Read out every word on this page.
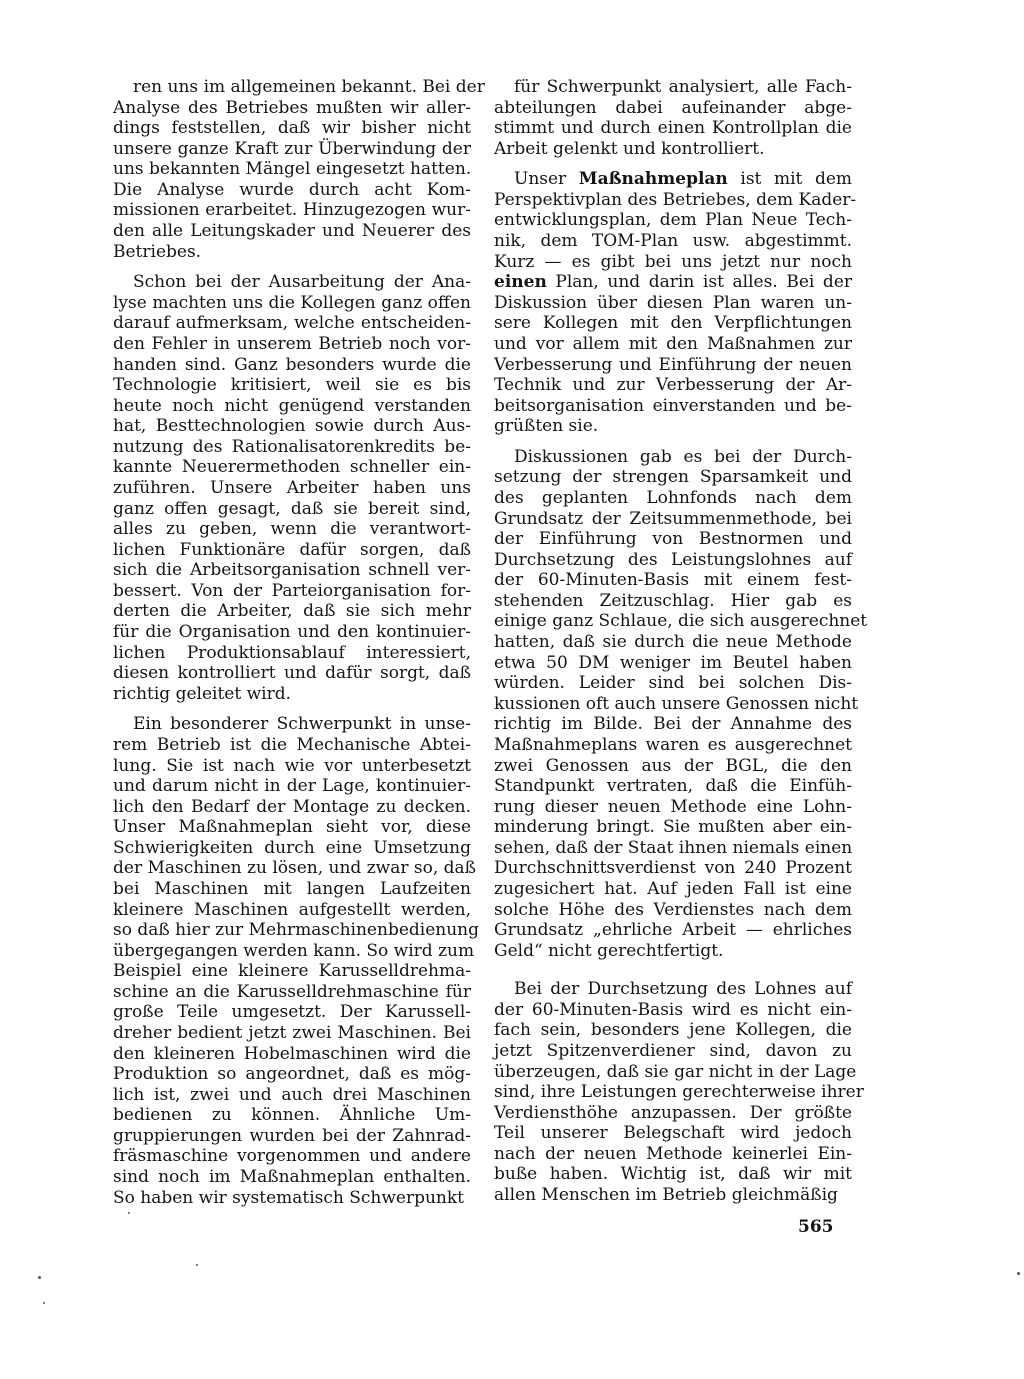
ren uns im allgemeinen bekannt. Bei der
Analyse des Betriebes mußten wir aller-
dings feststellen, daß wir bisher nicht
unsere ganze Kraft zur Überwindung der
uns bekannten Mängel eingesetzt hatten.
Die Analyse wurde durch acht Kom-
missionen erarbeitet. Hinzugezogen wur-
den alle Leitungskader und Neuerer des
Betriebes.
Schon bei der Ausarbeitung der Ana-
lyse machten uns die Kollegen ganz offen
darauf aufmerksam, welche entscheiden-
den Fehler in unserem Betrieb noch vor-
handen sind. Ganz besonders wurde die
Technologie kritisiert, weil sie es bis
heute noch nicht genügend verstanden
hat, Besttechnologien sowie durch Aus-
nutzung des Rationalisatorenkredits be-
kannte Neuerermethoden schneller ein-
zuführen. Unsere Arbeiter haben uns
ganz offen gesagt, daß sie bereit sind,
alles zu geben, wenn die verantwort-
lichen Funktionäre dafür sorgen, daß
sich die Arbeitsorganisation schnell ver-
bessert. Von der Parteiorganisation for-
derten die Arbeiter, daß sie sich mehr
für die Organisation und den kontinuier-
lichen Produktionsablauf interessiert,
diesen kontrolliert und dafür sorgt, daß
richtig geleitet wird.
Ein besonderer Schwerpunkt in unse-
rem Betrieb ist die Mechanische Abtei-
lung. Sie ist nach wie vor unterbesetzt
und darum nicht in der Lage, kontinuier-
lich den Bedarf der Montage zu decken.
Unser Maßnahmeplan sieht vor, diese
Schwierigkeiten durch eine Umsetzung
der Maschinen zu lösen, und zwar so, daß
bei Maschinen mit langen Laufzeiten
kleinere Maschinen aufgestellt werden,
so daß hier zur Mehrmaschinenbedienung
übergegangen werden kann. So wird zum
Beispiel eine kleinere Karusselldrehma-
schine an die Karusselldrehmaschine für
große Teile umgesetzt. Der Karussell-
dreher bedient jetzt zwei Maschinen. Bei
den kleineren Hobelmaschinen wird die
Produktion so angeordnet, daß es mög-
lich ist, zwei und auch drei Maschinen
bedienen zu können. Ähnliche Um-
gruppierungen wurden bei der Zahnrad-
fräsmaschine vorgenommen und andere
sind noch im Maßnahmeplan enthalten.
So haben wir systematisch Schwerpunkt
für Schwerpunkt analysiert, alle Fach-
abteilungen dabei aufeinander abge-
stimmt und durch einen Kontrollplan die
Arbeit gelenkt und kontrolliert.
Unser Maßnahmeplan ist mit dem
Perspektivplan des Betriebes, dem Kader-
entwicklungsplan, dem Plan Neue Tech-
nik, dem TOM-Plan usw. abgestimmt.
Kurz — es gibt bei uns jetzt nur noch
einen Plan, und darin ist alles. Bei der
Diskussion über diesen Plan waren un-
sere Kollegen mit den Verpflichtungen
und vor allem mit den Maßnahmen zur
Verbesserung und Einführung der neuen
Technik und zur Verbesserung der Ar-
beitsorganisation einverstanden und be-
grüßten sie.
Diskussionen gab es bei der Durch-
setzung der strengen Sparsamkeit und
des geplanten Lohnfonds nach dem
Grundsatz der Zeitsummenmethode, bei
der Einführung von Bestnormen und
Durchsetzung des Leistungslohnes auf
der 60-Minuten-Basis mit einem fest-
stehenden Zeitzuschlag. Hier gab es
einige ganz Schlaue, die sich ausgerechnet
hatten, daß sie durch die neue Methode
etwa 50 DM weniger im Beutel haben
würden. Leider sind bei solchen Dis-
kussionen oft auch unsere Genossen nicht
richtig im Bilde. Bei der Annahme des
Maßnahmeplans waren es ausgerechnet
zwei Genossen aus der BGL, die den
Standpunkt vertraten, daß die Einfüh-
rung dieser neuen Methode eine Lohn-
minderung bringt. Sie mußten aber ein-
sehen, daß der Staat ihnen niemals einen
Durchschnittsverdienst von 240 Prozent
zugesichert hat. Auf jeden Fall ist eine
solche Höhe des Verdienstes nach dem
Grundsatz „ehrliche Arbeit — ehrliches
Geld“ nicht gerechtfertigt.
Bei der Durchsetzung des Lohnes auf
der 60-Minuten-Basis wird es nicht ein-
fach sein, besonders jene Kollegen, die
jetzt Spitzenverdiener sind, davon zu
überzeugen, daß sie gar nicht in der Lage
sind, ihre Leistungen gerechterweise ihrer
Verdiensthöhe anzupassen. Der größte
Teil unserer Belegschaft wird jedoch
nach der neuen Methode keinerlei Ein-
buße haben. Wichtig ist, daß wir mit
allen Menschen im Betrieb gleichmäßig
565
